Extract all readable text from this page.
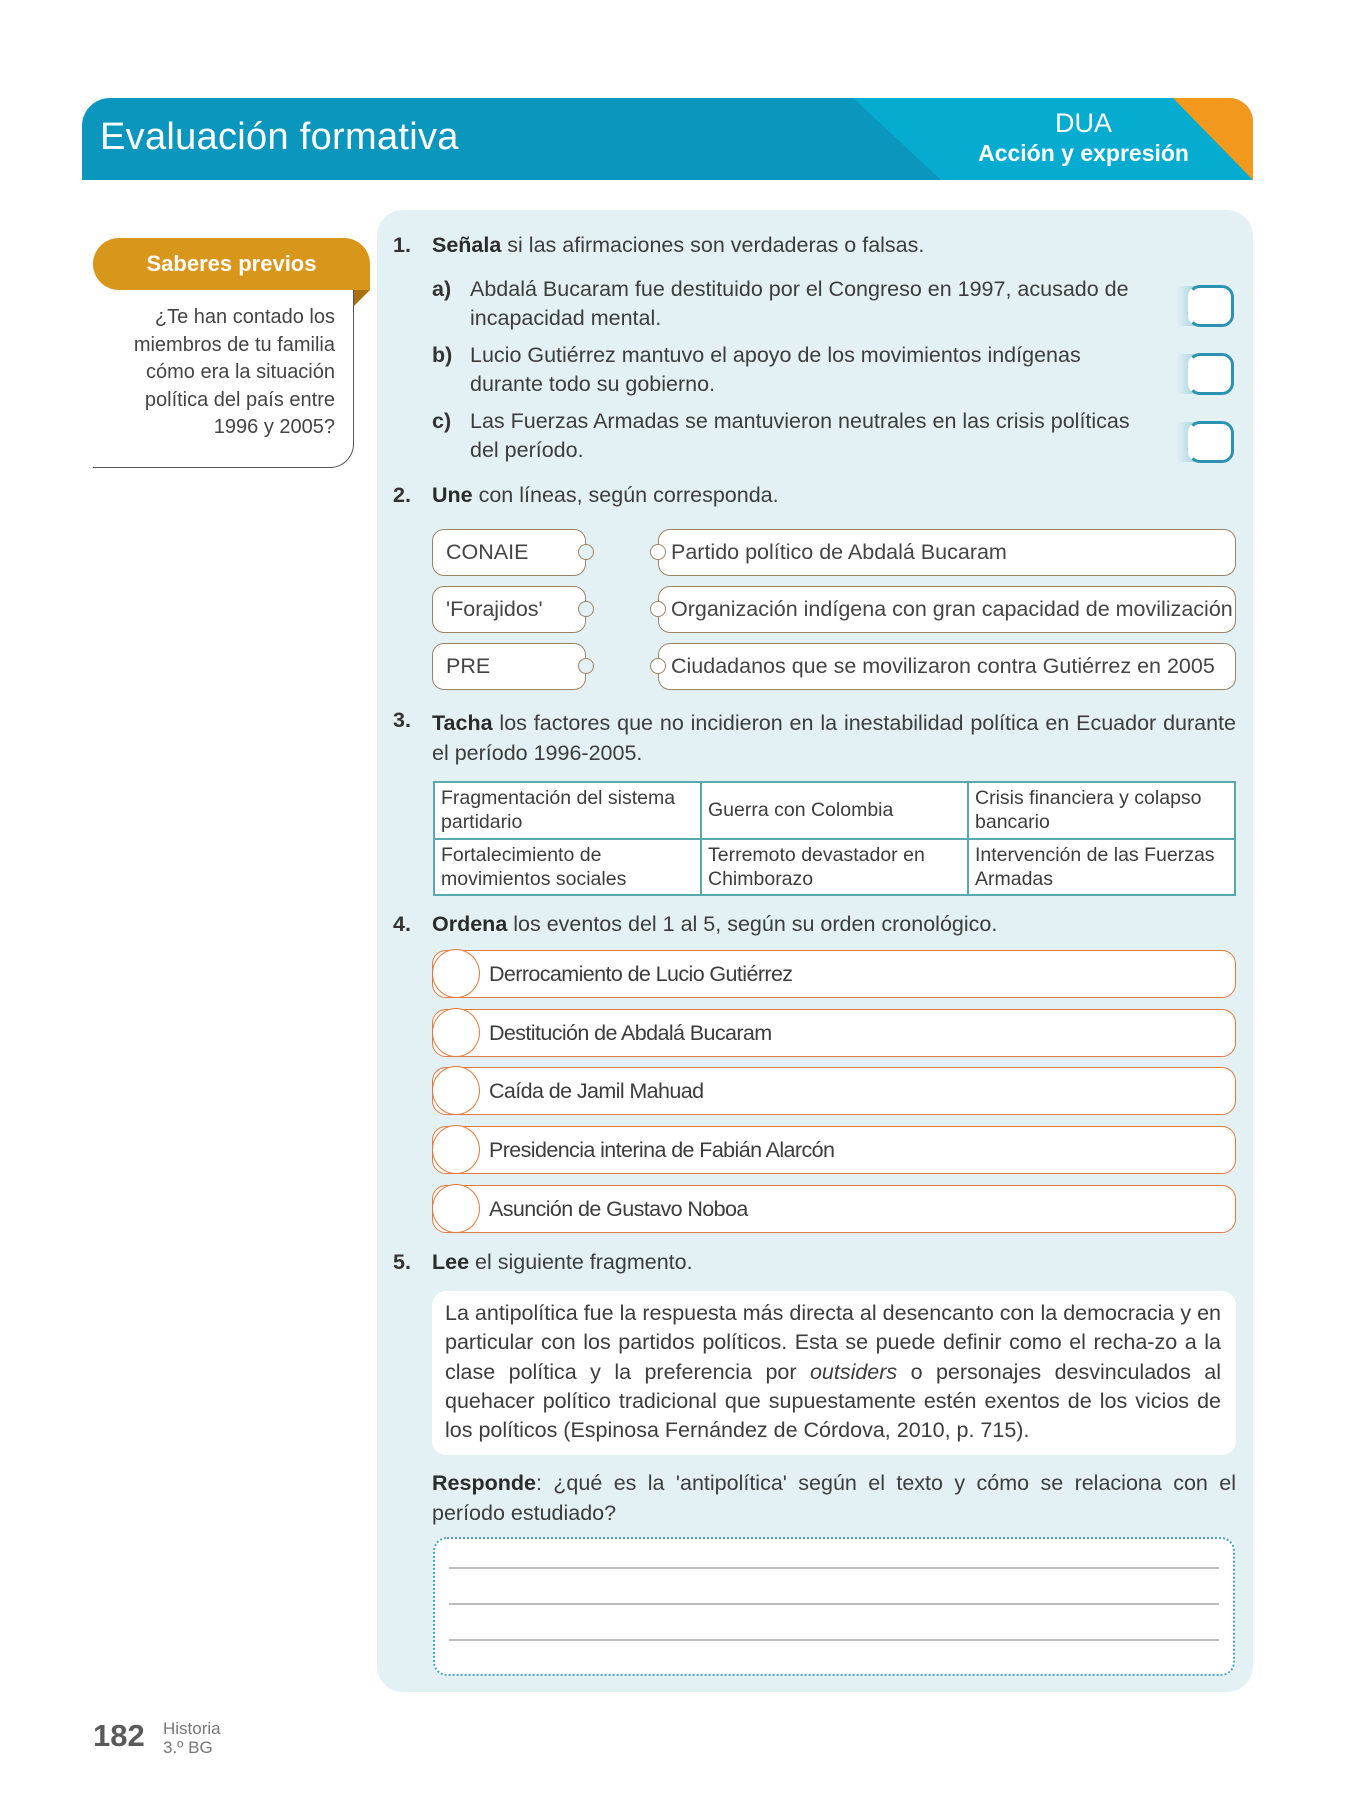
Evaluación formativa	DUA
Acción y expresión
¿Te han contado los miembros de tu familia cómo era la situación política del país entre 1996 y 2005?
Saberes previos
1. Señala si las afirmaciones son verdaderas o falsas.
a) Abdalá Bucaram fue destituido por el Congreso en 1997, acusado de incapacidad mental.
b) Lucio Gutiérrez mantuvo el apoyo de los movimientos indígenas durante todo su gobierno.
c) Las Fuerzas Armadas se mantuvieron neutrales en las crisis políticas del período.
2. Une con líneas, según corresponda.
CONAIE	Partido político de Abdalá Bucaram
'Forajidos'	Organización indígena con gran capacidad de movilización
PRE	Ciudadanos que se movilizaron contra Gutiérrez en 2005
3. Tacha los factores que no incidieron en la inestabilidad política en Ecuador durante el período 1996-2005.
Fragmentación del sistema partidario	Guerra con Colombia	Crisis financiera y colapso bancario
Fortalecimiento de movimientos sociales	Terremoto devastador en Chimborazo	Intervención de las Fuerzas Armadas
4. Ordena los eventos del 1 al 5, según su orden cronológico.
Derrocamiento de Lucio Gutiérrez
Destitución de Abdalá Bucaram
Caída de Jamil Mahuad
Presidencia interina de Fabián Alarcón
Asunción de Gustavo Noboa
5. Lee el siguiente fragmento.

La antipolítica fue la respuesta más directa al desencanto con la democracia y en particular con los partidos políticos. Esta se puede definir como el recha-zo a la clase política y la preferencia por outsiders o personajes desvinculados al quehacer político tradicional que supuestamente estén exentos de los vicios de los políticos (Espinosa Fernández de Córdova, 2010, p. 715).

Responde: ¿qué es la 'antipolítica' según el texto y cómo se relaciona con el período estudiado?
182 Historia
3.º BG
